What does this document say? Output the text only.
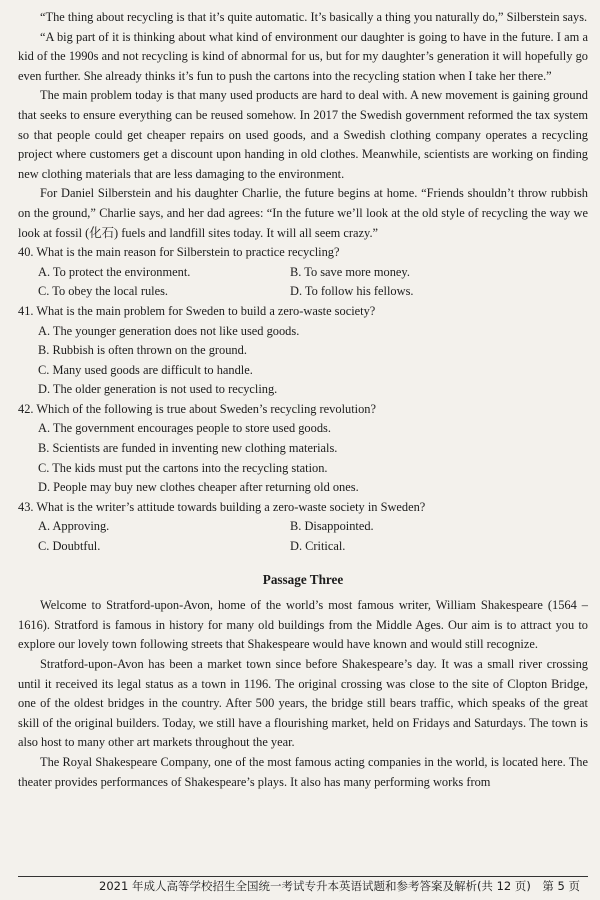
“The thing about recycling is that it’s quite automatic. It’s basically a thing you naturally do,” Silberstein says.

“A big part of it is thinking about what kind of environment our daughter is going to have in the future. I am a kid of the 1990s and not recycling is kind of abnormal for us, but for my daughter’s generation it will hopefully go even further. She already thinks it’s fun to push the cartons into the recycling station when I take her there.”

The main problem today is that many used products are hard to deal with. A new movement is gaining ground that seeks to ensure everything can be reused somehow. In 2017 the Swedish government reformed the tax system so that people could get cheaper repairs on used goods, and a Swedish clothing company operates a recycling project where customers get a discount upon handing in old clothes. Meanwhile, scientists are working on finding new clothing materials that are less damaging to the environment.

For Daniel Silberstein and his daughter Charlie, the future begins at home. “Friends shouldn’t throw rubbish on the ground,” Charlie says, and her dad agrees: “In the future we’ll look at the old style of recycling the way we look at fossil (化石) fuels and landfill sites today. It will all seem crazy.”

40. What is the main reason for Silberstein to practice recycling?

A. To protect the environment.	B. To save more money.
C. To obey the local rules.	D. To follow his fellows.

41. What is the main problem for Sweden to build a zero-waste society?

A. The younger generation does not like used goods.

B. Rubbish is often thrown on the ground.

C. Many used goods are difficult to handle.

D. The older generation is not used to recycling.

42. Which of the following is true about Sweden’s recycling revolution?

A. The government encourages people to store used goods.

B. Scientists are funded in inventing new clothing materials.

C. The kids must put the cartons into the recycling station.

D. People may buy new clothes cheaper after returning old ones.

43. What is the writer’s attitude towards building a zero-waste society in Sweden?

A. Approving.	B. Disappointed.
C. Doubtful.	D. Critical.
Passage Three

Welcome to Stratford-upon-Avon, home of the world’s most famous writer, William Shakespeare (1564 – 1616). Stratford is famous in history for many old buildings from the Middle Ages. Our aim is to attract you to explore our lovely town following streets that Shakespeare would have known and would still recognize.

Stratford-upon-Avon has been a market town since before Shakespeare’s day. It was a small river crossing until it received its legal status as a town in 1196. The original crossing was close to the site of Clopton Bridge, one of the oldest bridges in the country. After 500 years, the bridge still bears traffic, which speaks of the great skill of the original builders. Today, we still have a flourishing market, held on Fridays and Saturdays. The town is also host to many other art markets throughout the year.

The Royal Shakespeare Company, one of the most famous acting companies in the world, is located here. The theater provides performances of Shakespeare’s plays. It also has many performing works from

2021 年成人高等学校招生全国统一考试专升本英语试题和参考答案及解析(共 12 页)　第 5 页
